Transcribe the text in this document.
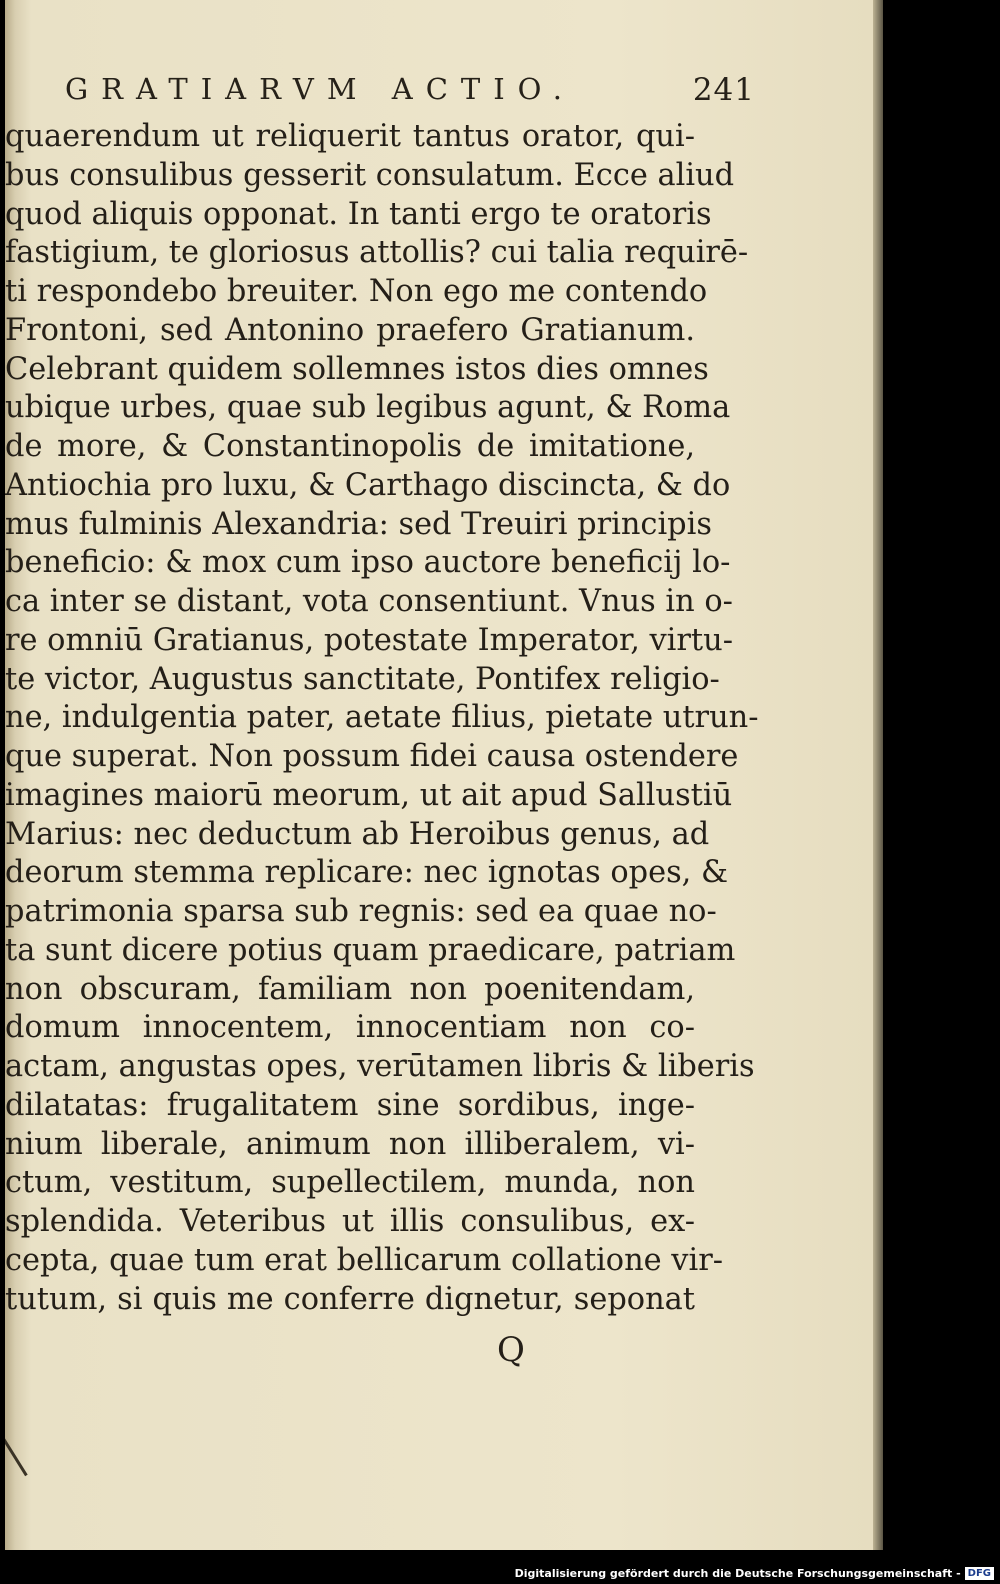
GRATIARVM ACTIO.	241
quaerendum ut reliquerit tantus orator, qui-
bus consulibus gesserit consulatum. Ecce aliud
quod aliquis opponat. In tanti ergo te oratoris
fastigium, te gloriosus attollis? cui talia requirē-
ti respondebo breuiter. Non ego me contendo
Frontoni, sed Antonino praefero Gratianum.
Celebrant quidem sollemnes istos dies omnes
ubique urbes, quae sub legibus agunt, & Roma
de more, & Constantinopolis de imitatione,
Antiochia pro luxu, & Carthago discincta, & do
mus fulminis Alexandria: sed Treuiri principis
beneficio: & mox cum ipso auctore beneficij lo-
ca inter se distant, vota consentiunt. Vnus in o-
re omniū Gratianus, potestate Imperator, virtu-
te victor, Augustus sanctitate, Pontifex religio-
ne, indulgentia pater, aetate filius, pietate utrun-
que superat. Non possum fidei causa ostendere
imagines maiorū meorum, ut ait apud Sallustiū
Marius: nec deductum ab Heroibus genus, ad
deorum stemma replicare: nec ignotas opes, &
patrimonia sparsa sub regnis: sed ea quae no-
ta sunt dicere potius quam praedicare, patriam
non obscuram, familiam non poenitendam,
domum innocentem, innocentiam non co-
actam, angustas opes, verūtamen libris & liberis
dilatatas: frugalitatem sine sordibus, inge-
nium liberale, animum non illiberalem, vi-
ctum, vestitum, supellectilem, munda, non
splendida. Veteribus ut illis consulibus, ex-
cepta, quae tum erat bellicarum collatione vir-
tutum, si quis me conferre dignetur, seponat
Q
Digitalisierung gefördert durch die Deutsche Forschungsgemeinschaft - DFG
